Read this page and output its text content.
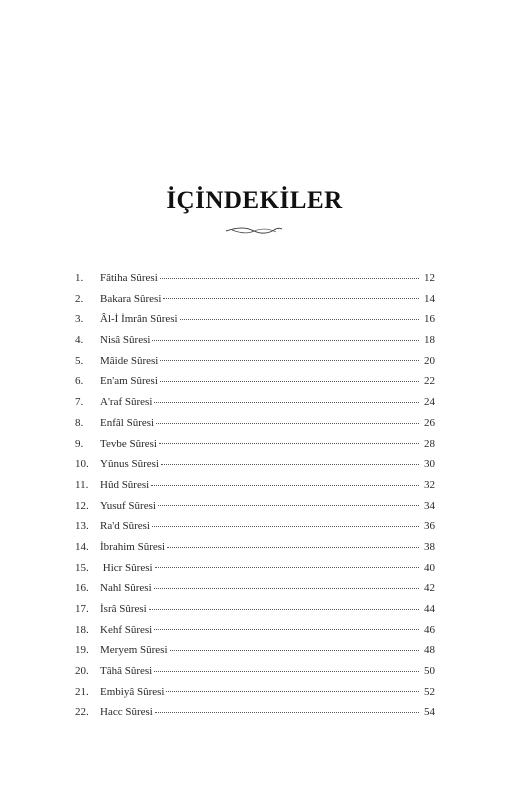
İÇİNDEKİLER
1.	Fâtiha Sûresi	12
2.	Bakara Sûresi	14
3.	Âl-İ İmrân Sûresi	16
4.	Nisâ Sûresi	18
5.	Mâide Sûresi	20
6.	En'am Sûresi	22
7.	A'raf Sûresi	24
8.	Enfâl Sûresi	26
9.	Tevbe Sûresi	28
10.	Yûnus Sûresi	30
11.	Hûd Sûresi	32
12.	Yusuf Sûresi	34
13.	Ra'd Sûresi	36
14.	İbrahim Sûresi	38
15.	Hicr Sûresi	40
16.	Nahl Sûresi	42
17.	İsrâ Sûresi	44
18.	Kehf Sûresi	46
19.	Meryem Sûresi	48
20.	Tâhâ Sûresi	50
21.	Embiyâ Sûresi	52
22.	Hacc Sûresi	54
